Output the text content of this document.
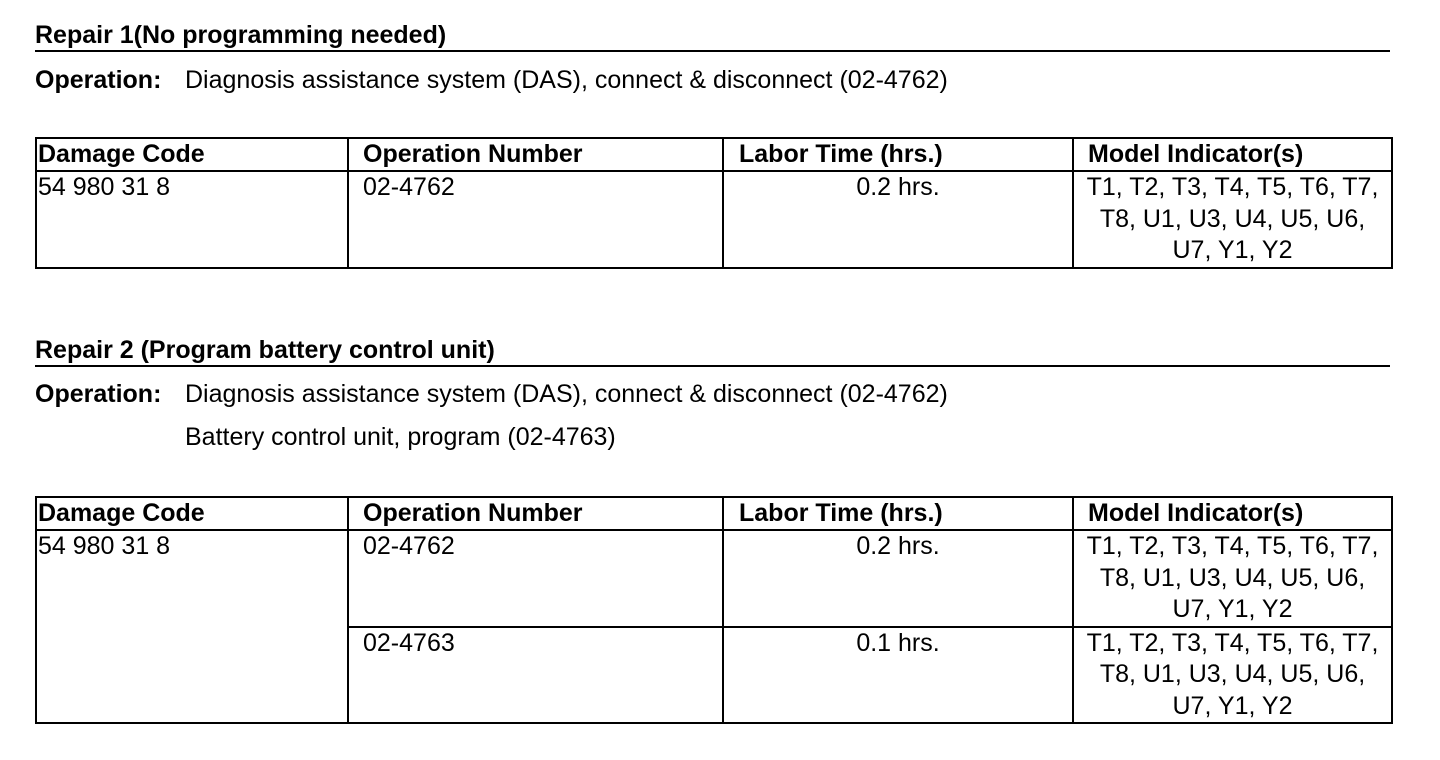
Repair 1(No programming needed)
Operation: Diagnosis assistance system (DAS), connect & disconnect (02-4762)
Damage Code	Operation Number	Labor Time (hrs.)	Model Indicator(s)
54 980 31 8	02-4762	0.2 hrs.	T1, T2, T3, T4, T5, T6, T7, T8, U1, U3, U4, U5, U6, U7, Y1, Y2
Repair 2 (Program battery control unit)
Operation: Diagnosis assistance system (DAS), connect & disconnect (02-4762)
Battery control unit, program (02-4763)
Damage Code	Operation Number	Labor Time (hrs.)	Model Indicator(s)
54 980 31 8	02-4762	0.2 hrs.	T1, T2, T3, T4, T5, T6, T7, T8, U1, U3, U4, U5, U6, U7, Y1, Y2
	02-4763	0.1 hrs.	T1, T2, T3, T4, T5, T6, T7, T8, U1, U3, U4, U5, U6, U7, Y1, Y2
